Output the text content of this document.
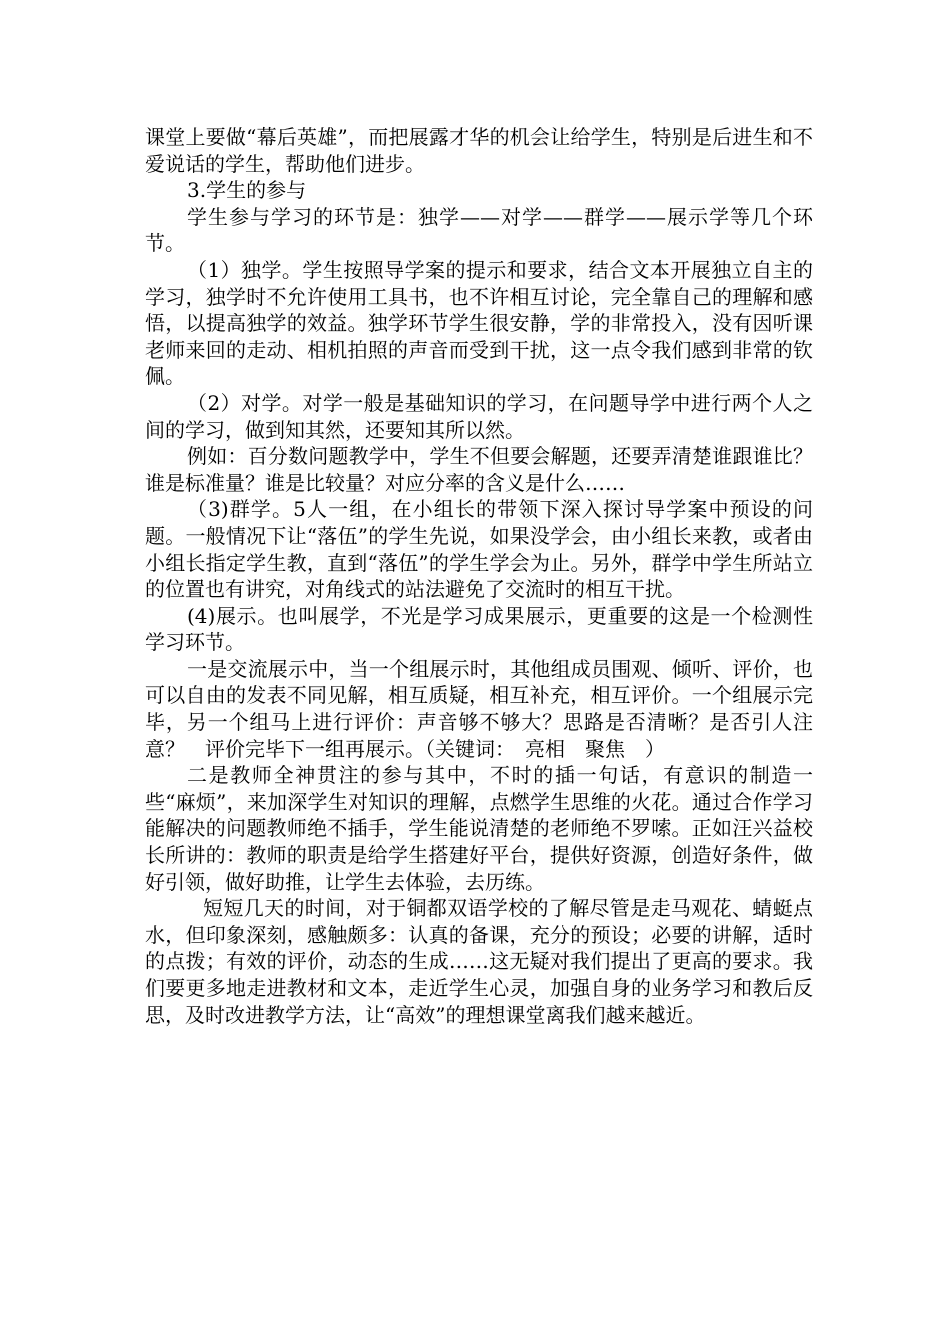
课堂上要做“幕后英雄”，而把展露才华的机会让给学生，特别是后进生和不爱说话的学生，帮助他们进步。

3.学生的参与

学生参与学习的环节是：独学——对学——群学——展示学等几个环节。

（1）独学。学生按照导学案的提示和要求，结合文本开展独立自主的学习，独学时不允许使用工具书，也不许相互讨论，完全靠自己的理解和感悟，以提高独学的效益。独学环节学生很安静，学的非常投入，没有因听课老师来回的走动、相机拍照的声音而受到干扰，这一点令我们感到非常的钦佩。

（2）对学。对学一般是基础知识的学习，在问题导学中进行两个人之间的学习，做到知其然，还要知其所以然。

例如：百分数问题教学中，学生不但要会解题，还要弄清楚谁跟谁比？谁是标准量？谁是比较量？对应分率的含义是什么……

（3)群学。5人一组，在小组长的带领下深入探讨导学案中预设的问题。一般情况下让“落伍”的学生先说，如果没学会，由小组长来教，或者由小组长指定学生教，直到“落伍”的学生学会为止。另外，群学中学生所站立的位置也有讲究，对角线式的站法避免了交流时的相互干扰。

(4)展示。也叫展学，不光是学习成果展示，更重要的这是一个检测性学习环节。

一是交流展示中，当一个组展示时，其他组成员围观、倾听、评价，也可以自由的发表不同见解，相互质疑，相互补充，相互评价。一个组展示完毕，另一个组马上进行评价：声音够不够大？思路是否清晰？是否引人注意？　评价完毕下一组再展示。（关键词：　亮相　聚焦　）

二是教师全神贯注的参与其中，不时的插一句话，有意识的制造一些“麻烦”，来加深学生对知识的理解，点燃学生思维的火花。通过合作学习能解决的问题教师绝不插手，学生能说清楚的老师绝不罗嗦。正如汪兴益校长所讲的：教师的职责是给学生搭建好平台，提供好资源，创造好条件，做好引领，做好助推，让学生去体验，去历练。

短短几天的时间，对于铜都双语学校的了解尽管是走马观花、蜻蜓点水，但印象深刻，感触颇多：认真的备课，充分的预设；必要的讲解，适时的点拨；有效的评价，动态的生成……这无疑对我们提出了更高的要求。我们要更多地走进教材和文本，走近学生心灵，加强自身的业务学习和教后反思，及时改进教学方法，让“高效”的理想课堂离我们越来越近。
